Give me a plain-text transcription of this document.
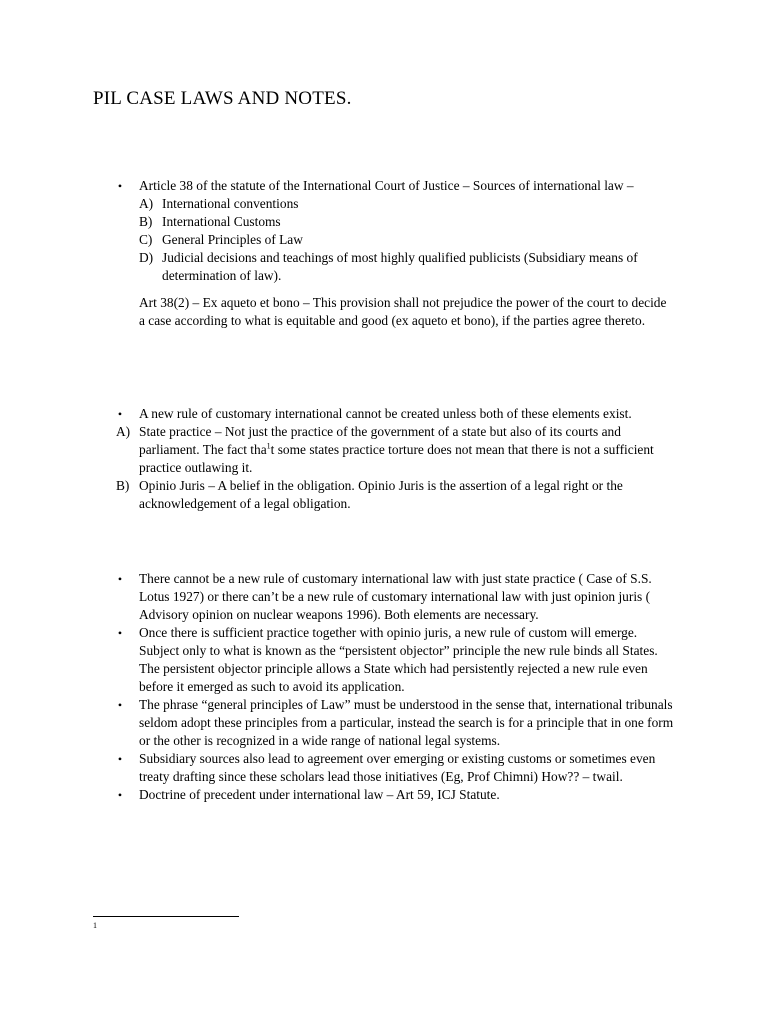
PIL CASE LAWS AND NOTES.
• Article 38 of the statute of the International Court of Justice – Sources of international law –
A) International conventions
B) International Customs
C) General Principles of Law
D) Judicial decisions and teachings of most highly qualified publicists (Subsidiary means of determination of law).
Art 38(2) – Ex aqueto et bono – This provision shall not prejudice the power of the court to decide a case according to what is equitable and good (ex aqueto et bono), if the parties agree thereto.
• A new rule of customary international cannot be created unless both of these elements exist.
A) State practice – Not just the practice of the government of a state but also of its courts and parliament. The fact tha$^1$t some states practice torture does not mean that there is not a sufficient practice outlawing it.
B) Opinio Juris – A belief in the obligation. Opinio Juris is the assertion of a legal right or the acknowledgement of a legal obligation.
• There cannot be a new rule of customary international law with just state practice ( Case of S.S. Lotus 1927) or there can’t be a new rule of customary international law with just opinion juris ( Advisory opinion on nuclear weapons 1996). Both elements are necessary.
• Once there is sufficient practice together with opinio juris, a new rule of custom will emerge. Subject only to what is known as the “persistent objector” principle the new rule binds all States. The persistent objector principle allows a State which had persistently rejected a new rule even before it emerged as such to avoid its application.
• The phrase “general principles of Law” must be understood in the sense that, international tribunals seldom adopt these principles from a particular, instead the search is for a principle that in one form or the other is recognized in a wide range of national legal systems.
• Subsidiary sources also lead to agreement over emerging or existing customs or sometimes even treaty drafting since these scholars lead those initiatives (Eg, Prof Chimni) How?? – twail.
• Doctrine of precedent under international law – Art 59, ICJ Statute.
1
